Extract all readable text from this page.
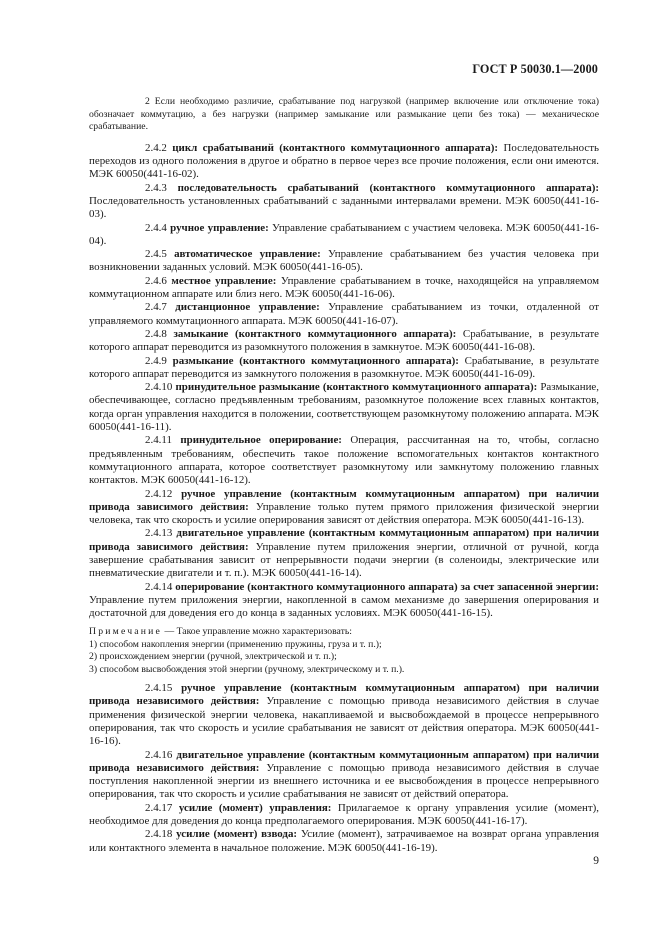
ГОСТ Р 50030.1—2000

2 Если необходимо различие, срабатывание под нагрузкой (например включение или отключение тока) обозначает коммутацию, а без нагрузки (например замыкание или размыкание цепи без тока) — механическое срабатывание.

2.4.2 цикл срабатываний (контактного коммутационного аппарата): Последовательность переходов из одного положения в другое и обратно в первое через все прочие положения, если они имеются. МЭК 60050(441-16-02).

2.4.3 последовательность срабатываний (контактного коммутационного аппарата): Последовательность установленных срабатываний с заданными интервалами времени. МЭК 60050(441-16-03).

2.4.4 ручное управление: Управление срабатыванием с участием человека. МЭК 60050(441-16-04).

2.4.5 автоматическое управление: Управление срабатыванием без участия человека при возникновении заданных условий. МЭК 60050(441-16-05).

2.4.6 местное управление: Управление срабатыванием в точке, находящейся на управляемом коммутационном аппарате или близ него. МЭК 60050(441-16-06).

2.4.7 дистанционное управление: Управление срабатыванием из точки, отдаленной от управляемого коммутационного аппарата. МЭК 60050(441-16-07).

2.4.8 замыкание (контактного коммутационного аппарата): Срабатывание, в результате которого аппарат переводится из разомкнутого положения в замкнутое. МЭК 60050(441-16-08).

2.4.9 размыкание (контактного коммутационного аппарата): Срабатывание, в результате которого аппарат переводится из замкнутого положения в разомкнутое. МЭК 60050(441-16-09).

2.4.10 принудительное размыкание (контактного коммутационного аппарата): Размыкание, обеспечивающее, согласно предъявленным требованиям, разомкнутое положение всех главных контактов, когда орган управления находится в положении, соответствующем разомкнутому положению аппарата. МЭК 60050(441-16-11).

2.4.11 принудительное оперирование: Операция, рассчитанная на то, чтобы, согласно предъявленным требованиям, обеспечить такое положение вспомогательных контактов контактного коммутационного аппарата, которое соответствует разомкнутому или замкнутому положению главных контактов. МЭК 60050(441-16-12).

2.4.12 ручное управление (контактным коммутационным аппаратом) при наличии привода зависимого действия: Управление только путем прямого приложения физической энергии человека, так что скорость и усилие оперирования зависят от действия оператора. МЭК 60050(441-16-13).

2.4.13 двигательное управление (контактным коммутационным аппаратом) при наличии привода зависимого действия: Управление путем приложения энергии, отличной от ручной, когда завершение срабатывания зависит от непрерывности подачи энергии (в соленоиды, электрические или пневматические двигатели и т. п.). МЭК 60050(441-16-14).

2.4.14 оперирование (контактного коммутационного аппарата) за счет запасенной энергии: Управление путем приложения энергии, накопленной в самом механизме до завершения оперирования и достаточной для доведения его до конца в заданных условиях. МЭК 60050(441-16-15).

Примечание — Такое управление можно характеризовать:

1) способом накопления энергии (применению пружины, груза и т. п.);

2) происхождением энергии (ручной, электрической и т. п.);

3) способом высвобождения этой энергии (ручному, электрическому и т. п.).

2.4.15 ручное управление (контактным коммутационным аппаратом) при наличии привода независимого действия: Управление с помощью привода независимого действия в случае применения физической энергии человека, накапливаемой и высвобождаемой в процессе непрерывного оперирования, так что скорость и усилие срабатывания не зависят от действия оператора. МЭК 60050(441-16-16).

2.4.16 двигательное управление (контактным коммутационным аппаратом) при наличии привода независимого действия: Управление с помощью привода независимого действия в случае поступления накопленной энергии из внешнего источника и ее высвобождения в процессе непрерывного оперирования, так что скорость и усилие срабатывания не зависят от действий оператора.

2.4.17 усилие (момент) управления: Прилагаемое к органу управления усилие (момент), необходимое для доведения до конца предполагаемого оперирования. МЭК 60050(441-16-17).

2.4.18 усилие (момент) взвода: Усилие (момент), затрачиваемое на возврат органа управления или контактного элемента в начальное положение. МЭК 60050(441-16-19).

9
